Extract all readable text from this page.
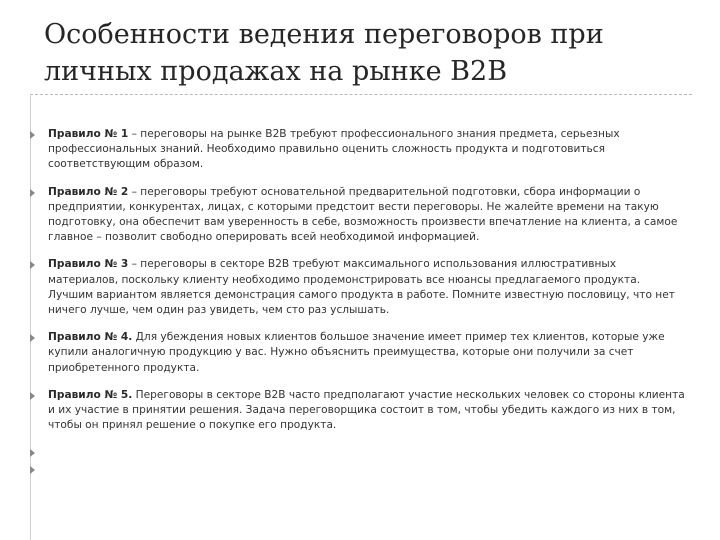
Особенности ведения переговоров при
личных продажах на рынке B2B
Правило № 1 – переговоры на рынке B2B требуют профессионального знания предмета, серьезных профессиональных знаний. Необходимо правильно оценить сложность продукта и подготовиться соответствующим образом.
Правило № 2 – переговоры требуют основательной предварительной подготовки, сбора информации о предприятии, конкурентах, лицах, с которыми предстоит вести переговоры. Не жалейте времени на такую подготовку, она обеспечит вам уверенность в себе, возможность произвести впечатление на клиента, а самое главное – позволит свободно оперировать всей необходимой информацией.
Правило № 3 – переговоры в секторе B2B требуют максимального использования иллюстративных материалов, поскольку клиенту необходимо продемонстрировать все нюансы предлагаемого продукта. Лучшим вариантом является демонстрация самого продукта в работе. Помните известную пословицу, что нет ничего лучше, чем один раз увидеть, чем сто раз услышать.
Правило № 4. Для убеждения новых клиентов большое значение имеет пример тех клиентов, которые уже купили аналогичную продукцию у вас. Нужно объяснить преимущества, которые они получили за счет приобретенного продукта.
Правило № 5. Переговоры в секторе B2B часто предполагают участие нескольких человек со стороны клиента и их участие в принятии решения. Задача переговорщика состоит в том, чтобы убедить каждого из них в том, чтобы он принял решение о покупке его продукта.
